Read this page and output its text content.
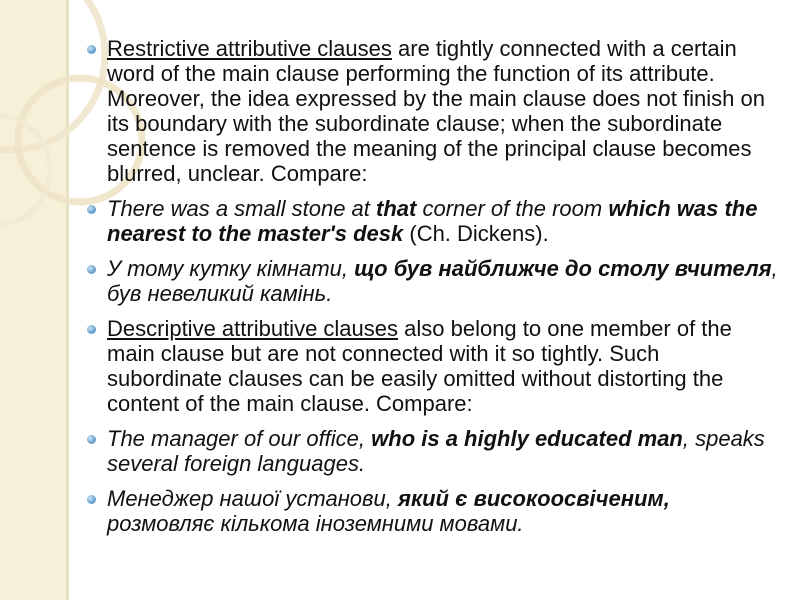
Restrictive attributive clauses are tightly connected with a certain word of the main clause performing the function of its attribute. Moreover, the idea expressed by the main clause does not finish on its boundary with the subordinate clause; when the subordinate sentence is removed the meaning of the principal clause becomes blurred, unclear. Compare:
There was a small stone at that corner of the room which was the nearest to the master's desk (Ch. Dickens).
У тому кутку кімнати, що був найближче до столу вчителя, був невеликий камінь.
Descriptive attributive clauses also belong to one member of the main clause but are not connected with it so tightly. Such subordinate clauses can be easily omitted without distorting the content of the main clause. Compare:
The manager of our office, who is a highly educated man, speaks several foreign languages.
Менеджер нашої установи, який є високоосвіченим, розмовляє кількома іноземними мовами.
